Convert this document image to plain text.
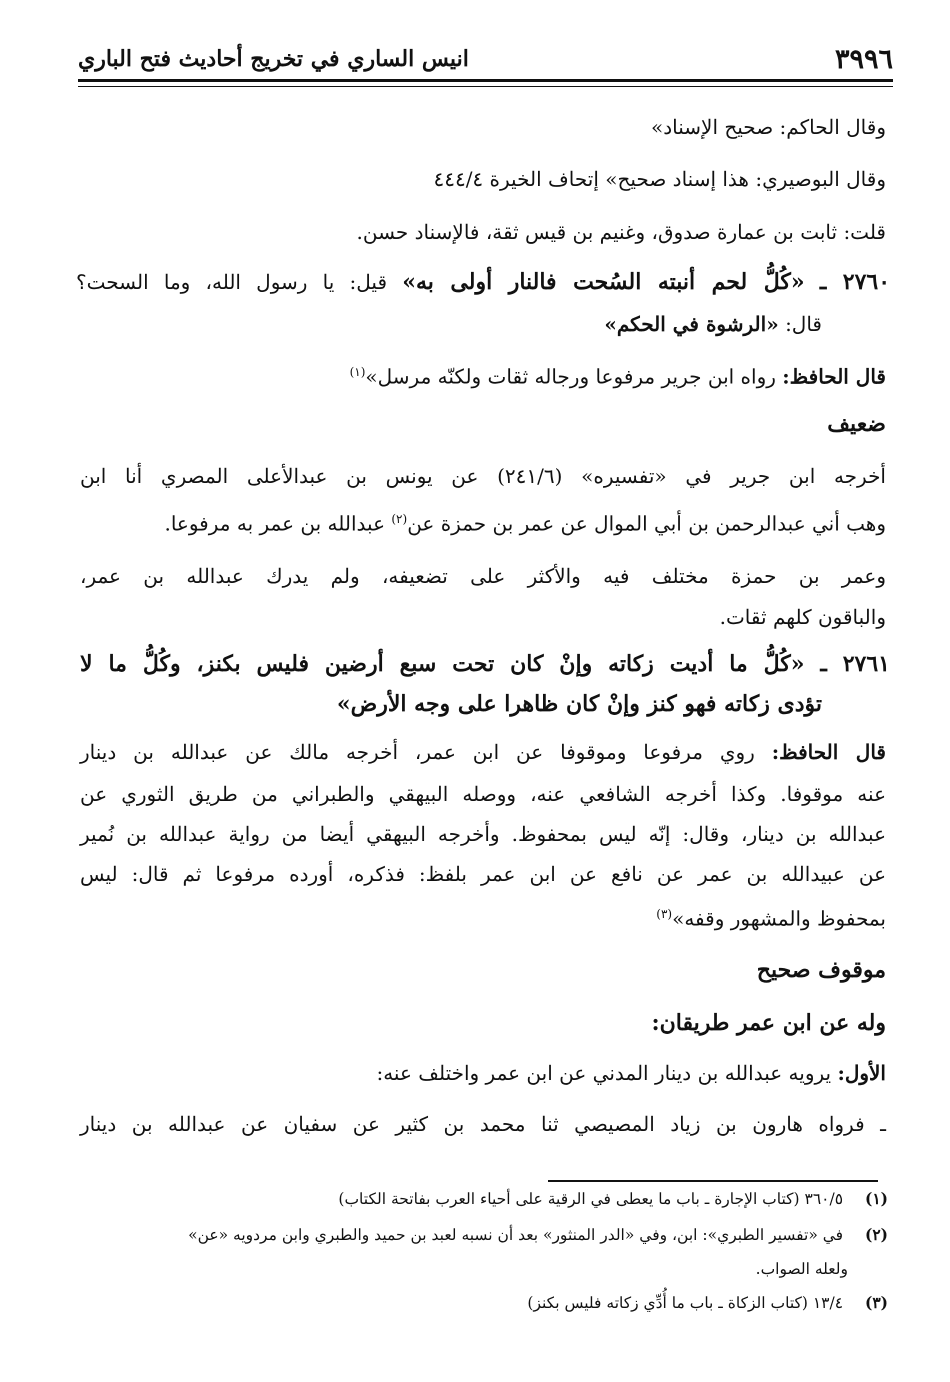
٣٩٩٦
انيس الساري في تخريج أحاديث فتح الباري
وقال الحاكم: صحيح الإسناد»
وقال البوصيري: هذا إسناد صحيح» إتحاف الخيرة ٤٤٤/٤
قلت: ثابت بن عمارة صدوق، وغنيم بن قيس ثقة، فالإسناد حسن.
٢٧٦٠ ـ «كُلُّ لحم أنبته السُحت فالنار أولى به» قيل: يا رسول الله، وما السحت؟
قال: «الرشوة في الحكم»
قال الحافظ: رواه ابن جرير مرفوعا ورجاله ثقات ولكنّه مرسل»$^{(١)}$
ضعيف
أخرجه ابن جرير في «تفسيره» (٢٤١/٦) عن يونس بن عبدالأعلى المصري أنا ابن
وهب أني عبدالرحمن بن أبي الموال عن عمر بن حمزة عن$^{(٢)}$ عبدالله بن عمر به مرفوعا.
وعمر بن حمزة مختلف فيه والأكثر على تضعيفه، ولم يدرك عبدالله بن عمر،
والباقون كلهم ثقات.
٢٧٦١ ـ «كُلُّ ما أديت زكاته وإنْ كان تحت سبع أرضين فليس بكنز، وكُلُّ ما لا
تؤدى زكاته فهو كنز وإنْ كان ظاهرا على وجه الأرض»
قال الحافظ: روي مرفوعا وموقوفا عن ابن عمر، أخرجه مالك عن عبدالله بن دينار
عنه موقوفا. وكذا أخرجه الشافعي عنه، ووصله البيهقي والطبراني من طريق الثوري عن
عبدالله بن دينار، وقال: إنّه ليس بمحفوظ. وأخرجه البيهقي أيضا من رواية عبدالله بن نُمير
عن عبيدالله بن عمر عن نافع عن ابن عمر بلفظ: فذكره، أورده مرفوعا ثم قال: ليس
بمحفوظ والمشهور وقفه»$^{(٣)}$
موقوف صحيح
وله عن ابن عمر طريقان:
الأول: يرويه عبدالله بن دينار المدني عن ابن عمر واختلف عنه:
ـ فرواه هارون بن زياد المصيصي ثنا محمد بن كثير عن سفيان عن عبدالله بن دينار
(١) ٣٦٠/٥ (كتاب الإجارة ـ باب ما يعطى في الرقية على أحياء العرب بفاتحة الكتاب)
(٢) في «تفسير الطبري»: ابن، وفي «الدر المنثور» بعد أن نسبه لعبد بن حميد والطبري وابن مردويه «عن»
ولعله الصواب.
(٣) ١٣/٤ (كتاب الزكاة ـ باب ما أُدِّي زكاته فليس بكنز)
